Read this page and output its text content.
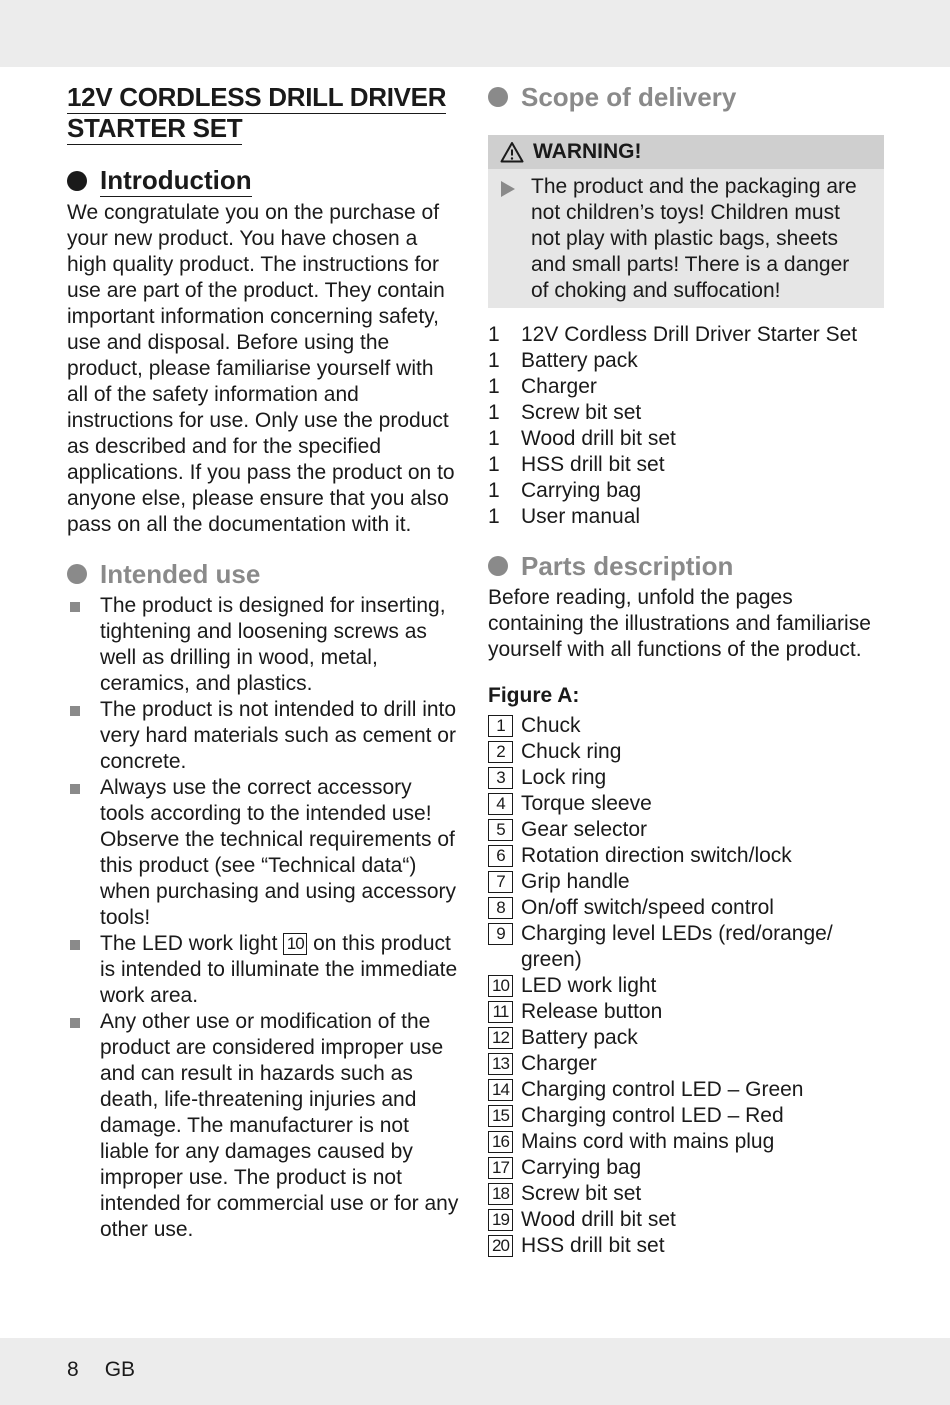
12V CORDLESS DRILL DRIVER
STARTER SET
Introduction

We congratulate you on the purchase of your new product. You have chosen a high quality product. The instructions for use are part of the product. They contain important information concerning safety, use and disposal. Before using the product, please familiarise yourself with all of the safety information and instructions for use. Only use the product as described and for the specified applications. If you pass the product on to anyone else, please ensure that you also pass on all the documentation with it.

Intended use
The product is designed for inserting, tightening and loosening screws as well as drilling in wood, metal, ceramics, and plastics.
The product is not intended to drill into very hard materials such as cement or concrete.
Always use the correct accessory tools according to the intended use! Observe the technical requirements of this product (see “Technical data“) when purchasing and using accessory tools!
The LED work light 10 on this product is intended to illuminate the immediate work area.
Any other use or modification of the product are considered improper use and can result in hazards such as death, life-threatening injuries and damage. The manufacturer is not liable for any damages caused by improper use. The product is not intended for commercial use or for any other use.
Scope of delivery
WARNING!
The product and the packaging are not children’s toys! Children must not play with plastic bags, sheets and small parts! There is a danger of choking and suffocation!
1	12V Cordless Drill Driver Starter Set
1	Battery pack
1	Charger
1	Screw bit set
1	Wood drill bit set
1	HSS drill bit set
1	Carrying bag
1	User manual
Parts description

Before reading, unfold the pages containing the illustrations and familiarise yourself with all functions of the product.

Figure A:
1 Chuck
2 Chuck ring
3 Lock ring
4 Torque sleeve
5 Gear selector
6 Rotation direction switch/lock
7 Grip handle
8 On/off switch/speed control
9 Charging level LEDs (red/orange/ green)
10 LED work light
11 Release button
12 Battery pack
13 Charger
14 Charging control LED – Green
15 Charging control LED – Red
16 Mains cord with mains plug
17 Carrying bag
18 Screw bit set
19 Wood drill bit set
20 HSS drill bit set
8 GB
